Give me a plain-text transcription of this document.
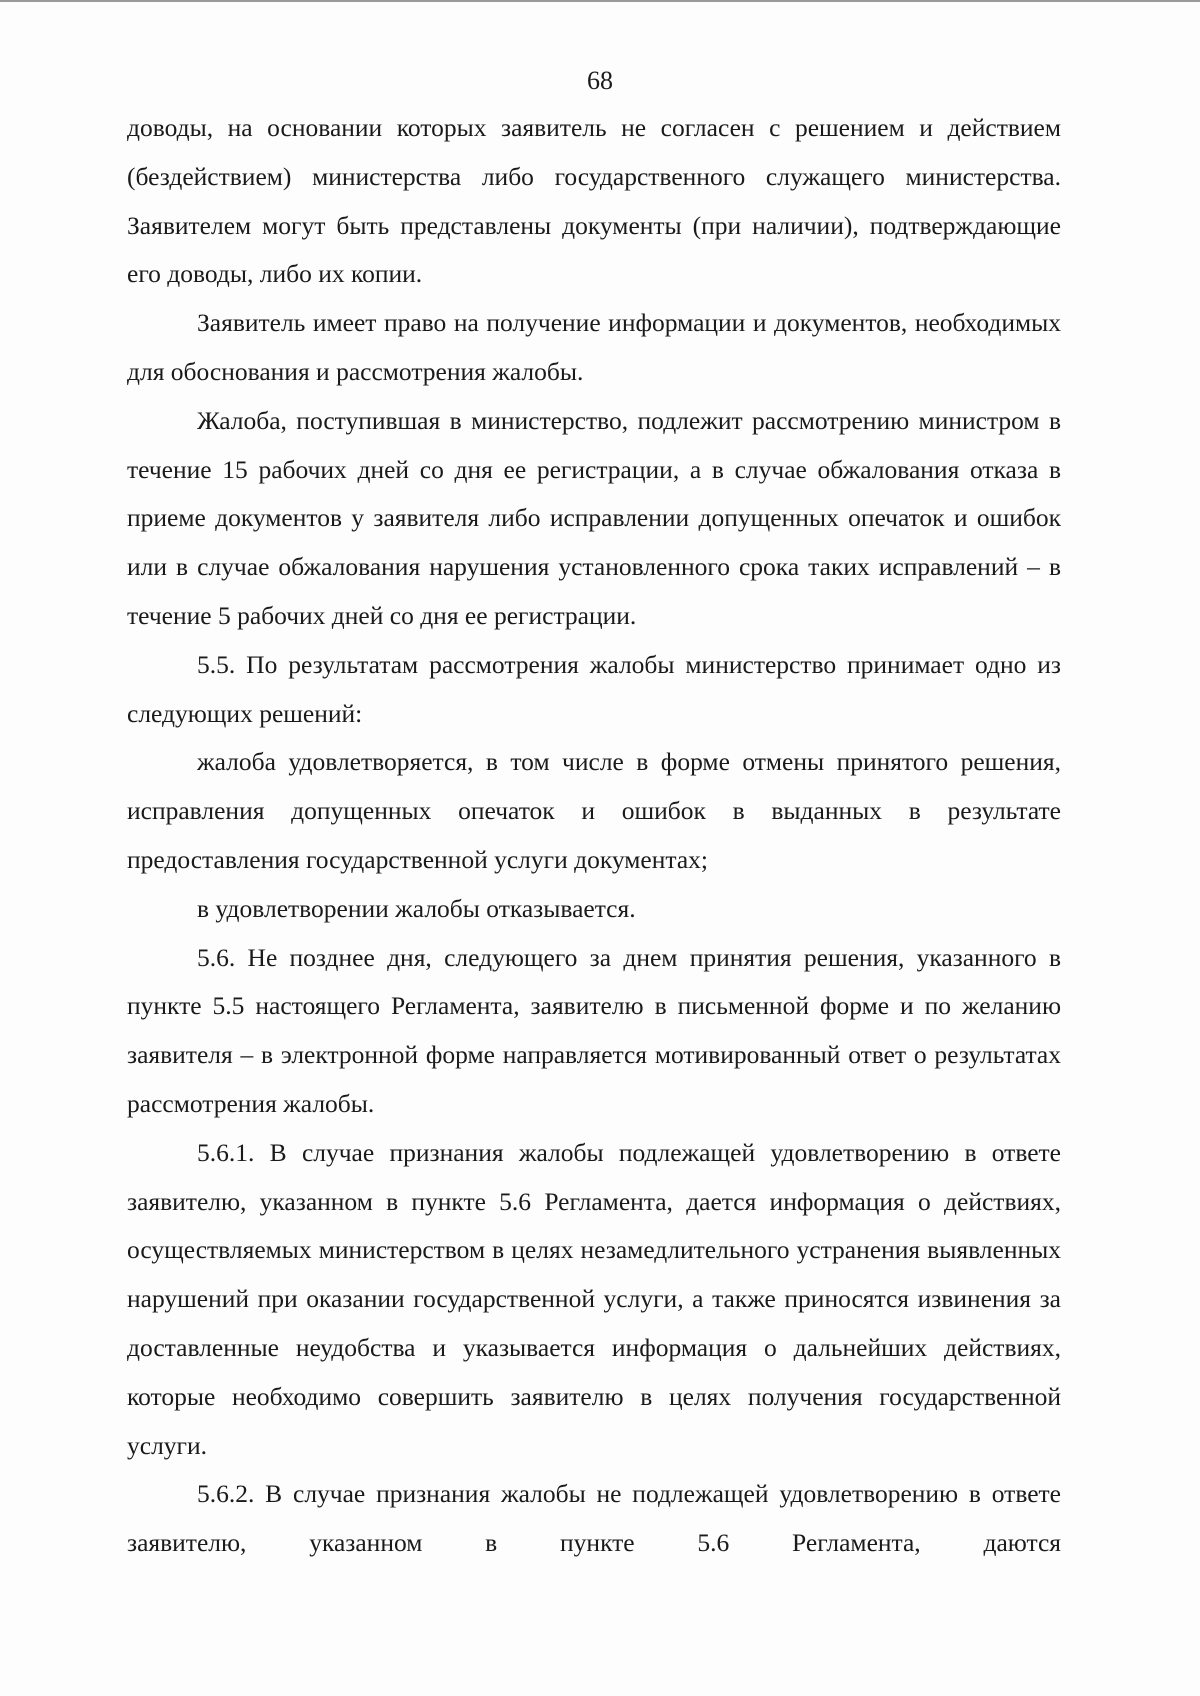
68

доводы, на основании которых заявитель не согласен с решением и действием (бездействием) министерства либо государственного служащего министерства. Заявителем могут быть представлены документы (при наличии), подтверждающие его доводы, либо их копии.

Заявитель имеет право на получение информации и документов, необходимых для обоснования и рассмотрения жалобы.

Жалоба, поступившая в министерство, подлежит рассмотрению министром в течение 15 рабочих дней со дня ее регистрации, а в случае обжалования отказа в приеме документов у заявителя либо исправлении допущенных опечаток и ошибок или в случае обжалования нарушения установленного срока таких исправлений – в течение 5 рабочих дней со дня ее регистрации.

5.5. По результатам рассмотрения жалобы министерство принимает одно из следующих решений:

жалоба удовлетворяется, в том числе в форме отмены принятого решения, исправления допущенных опечаток и ошибок в выданных в результате предоставления государственной услуги документах;

в удовлетворении жалобы отказывается.

5.6. Не позднее дня, следующего за днем принятия решения, указанного в пункте 5.5 настоящего Регламента, заявителю в письменной форме и по желанию заявителя – в электронной форме направляется мотивированный ответ о результатах рассмотрения жалобы.

5.6.1. В случае признания жалобы подлежащей удовлетворению в ответе заявителю, указанном в пункте 5.6 Регламента, дается информация о действиях, осуществляемых министерством в целях незамедлительного устранения выявленных нарушений при оказании государственной услуги, а также приносятся извинения за доставленные неудобства и указывается информация о дальнейших действиях, которые необходимо совершить заявителю в целях получения государственной услуги.

5.6.2. В случае признания жалобы не подлежащей удовлетворению в ответе заявителю, указанном в пункте 5.6 Регламента, даются
